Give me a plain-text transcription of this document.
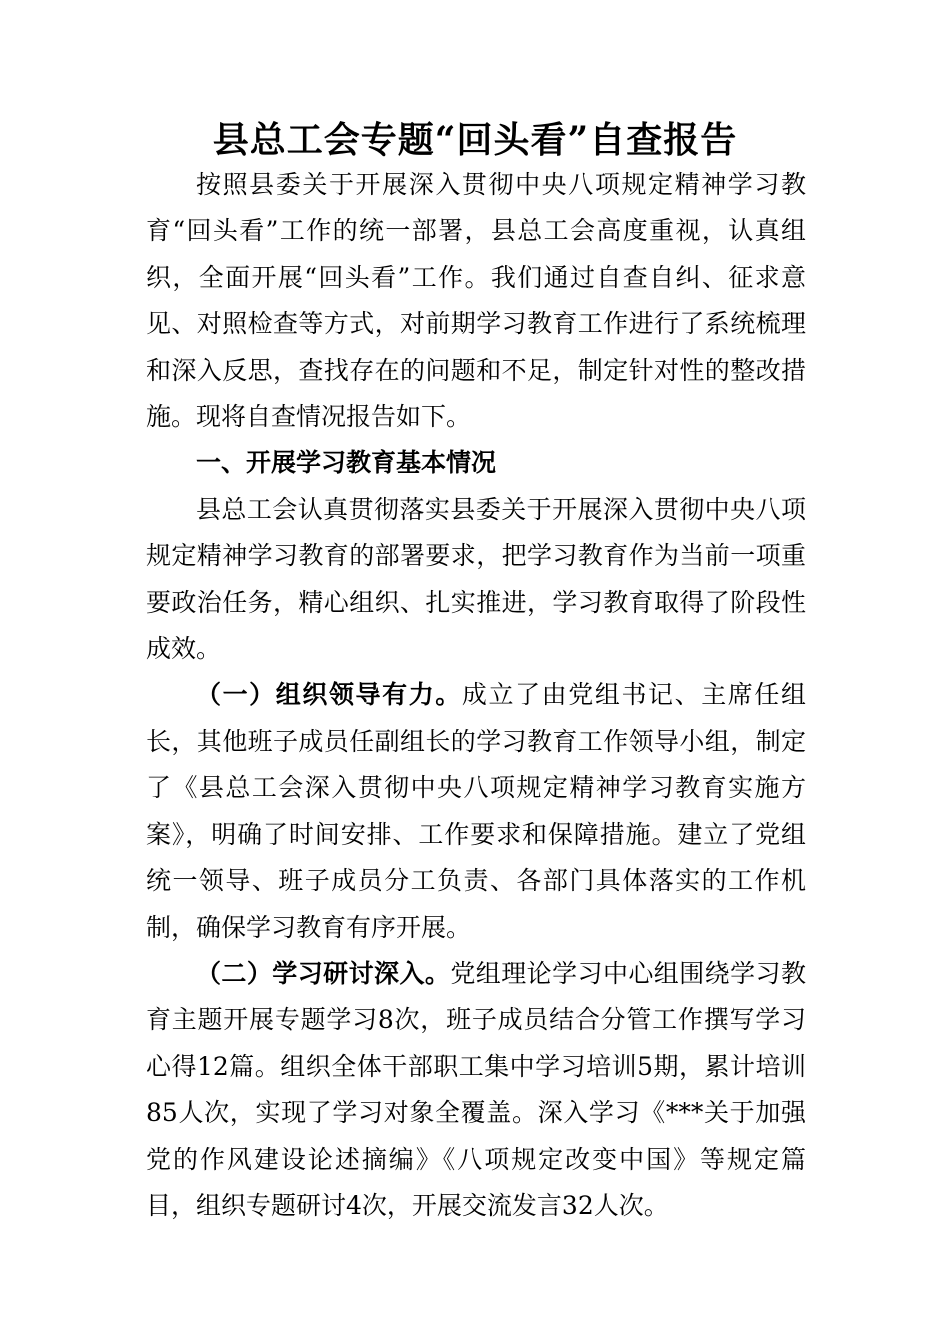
县总工会专题“回头看”自查报告

按照县委关于开展深入贯彻中央八项规定精神学习教育“回头看”工作的统一部署，县总工会高度重视，认真组织，全面开展“回头看”工作。我们通过自查自纠、征求意见、对照检查等方式，对前期学习教育工作进行了系统梳理和深入反思，查找存在的问题和不足，制定针对性的整改措施。现将自查情况报告如下。

一、开展学习教育基本情况

县总工会认真贯彻落实县委关于开展深入贯彻中央八项规定精神学习教育的部署要求，把学习教育作为当前一项重要政治任务，精心组织、扎实推进，学习教育取得了阶段性成效。

（一）组织领导有力。成立了由党组书记、主席任组长，其他班子成员任副组长的学习教育工作领导小组，制定了《县总工会深入贯彻中央八项规定精神学习教育实施方案》，明确了时间安排、工作要求和保障措施。建立了党组统一领导、班子成员分工负责、各部门具体落实的工作机制，确保学习教育有序开展。

（二）学习研讨深入。党组理论学习中心组围绕学习教育主题开展专题学习8次，班子成员结合分管工作撰写学习心得12篇。组织全体干部职工集中学习培训5期，累计培训85人次，实现了学习对象全覆盖。深入学习《***关于加强党的作风建设论述摘编》《八项规定改变中国》等规定篇目，组织专题研讨4次，开展交流发言32人次。
